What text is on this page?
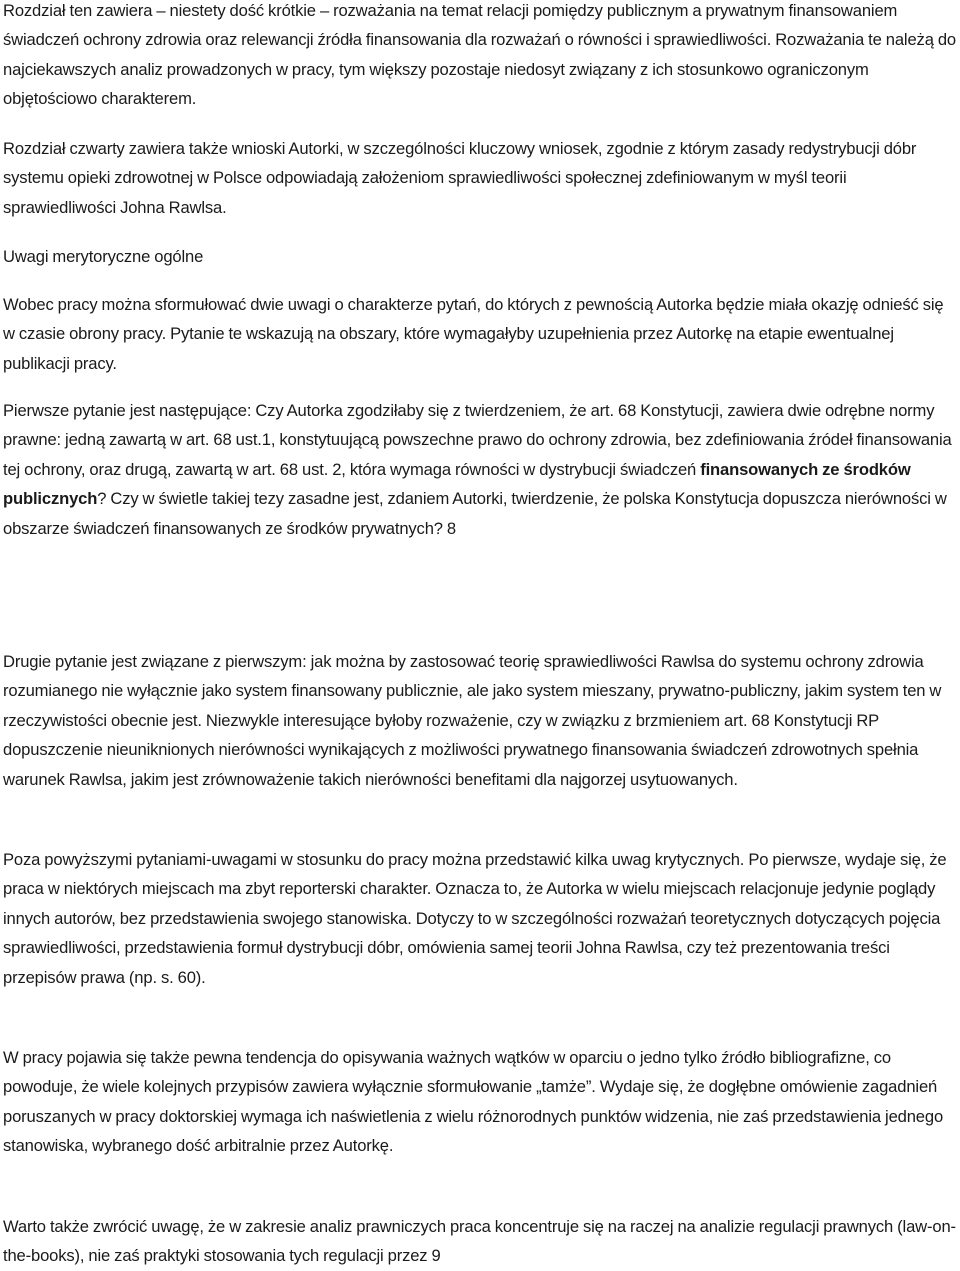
Rozdział ten zawiera – niestety dość krótkie – rozważania na temat relacji pomiędzy publicznym a prywatnym finansowaniem świadczeń ochrony zdrowia oraz relewancji źródła finansowania dla rozważań o równości i sprawiedliwości. Rozważania te należą do najciekawszych analiz prowadzonych w pracy, tym większy pozostaje niedosyt związany z ich stosunkowo ograniczonym objętościowo charakterem.

Rozdział czwarty zawiera także wnioski Autorki, w szczególności kluczowy wniosek, zgodnie z którym zasady redystrybucji dóbr systemu opieki zdrowotnej w Polsce odpowiadają założeniom sprawiedliwości społecznej zdefiniowanym w myśl teorii sprawiedliwości Johna Rawlsa.

Uwagi merytoryczne ogólne

Wobec pracy można sformułować dwie uwagi o charakterze pytań, do których z pewnością Autorka będzie miała okazję odnieść się w czasie obrony pracy. Pytanie te wskazują na obszary, które wymagałyby uzupełnienia przez Autorkę na etapie ewentualnej publikacji pracy.

Pierwsze pytanie jest następujące: Czy Autorka zgodziłaby się z twierdzeniem, że art. 68 Konstytucji, zawiera dwie odrębne normy prawne: jedną zawartą w art. 68 ust.1, konstytuującą powszechne prawo do ochrony zdrowia, bez zdefiniowania źródeł finansowania tej ochrony, oraz drugą, zawartą w art. 68 ust. 2, która wymaga równości w dystrybucji świadczeń finansowanych ze środków publicznych? Czy w świetle takiej tezy zasadne jest, zdaniem Autorki, twierdzenie, że polska Konstytucja dopuszcza nierówności w obszarze świadczeń finansowanych ze środków prywatnych? 8

Drugie pytanie jest związane z pierwszym: jak można by zastosować teorię sprawiedliwości Rawlsa do systemu ochrony zdrowia rozumianego nie wyłącznie jako system finansowany publicznie, ale jako system mieszany, prywatno-publiczny, jakim system ten w rzeczywistości obecnie jest. Niezwykle interesujące byłoby rozważenie, czy w związku z brzmieniem art. 68 Konstytucji RP dopuszczenie nieuniknionych nierówności wynikających z możliwości prywatnego finansowania świadczeń zdrowotnych spełnia warunek Rawlsa, jakim jest zrównoważenie takich nierówności benefitami dla najgorzej usytuowanych.

Poza powyższymi pytaniami-uwagami w stosunku do pracy można przedstawić kilka uwag krytycznych. Po pierwsze, wydaje się, że praca w niektórych miejscach ma zbyt reporterski charakter. Oznacza to, że Autorka w wielu miejscach relacjonuje jedynie poglądy innych autorów, bez przedstawienia swojego stanowiska. Dotyczy to w szczególności rozważań teoretycznych dotyczących pojęcia sprawiedliwości, przedstawienia formuł dystrybucji dóbr, omówienia samej teorii Johna Rawlsa, czy też prezentowania treści przepisów prawa (np. s. 60).

W pracy pojawia się także pewna tendencja do opisywania ważnych wątków w oparciu o jedno tylko źródło bibliografizne, co powoduje, że wiele kolejnych przypisów zawiera wyłącznie sformułowanie „tamże”. Wydaje się, że dogłębne omówienie zagadnień poruszanych w pracy doktorskiej wymaga ich naświetlenia z wielu różnorodnych punktów widzenia, nie zaś przedstawienia jednego stanowiska, wybranego dość arbitralnie przez Autorkę.

Warto także zwrócić uwagę, że w zakresie analiz prawniczych praca koncentruje się na raczej na analizie regulacji prawnych (law-on-the-books), nie zaś praktyki stosowania tych regulacji przez 9
